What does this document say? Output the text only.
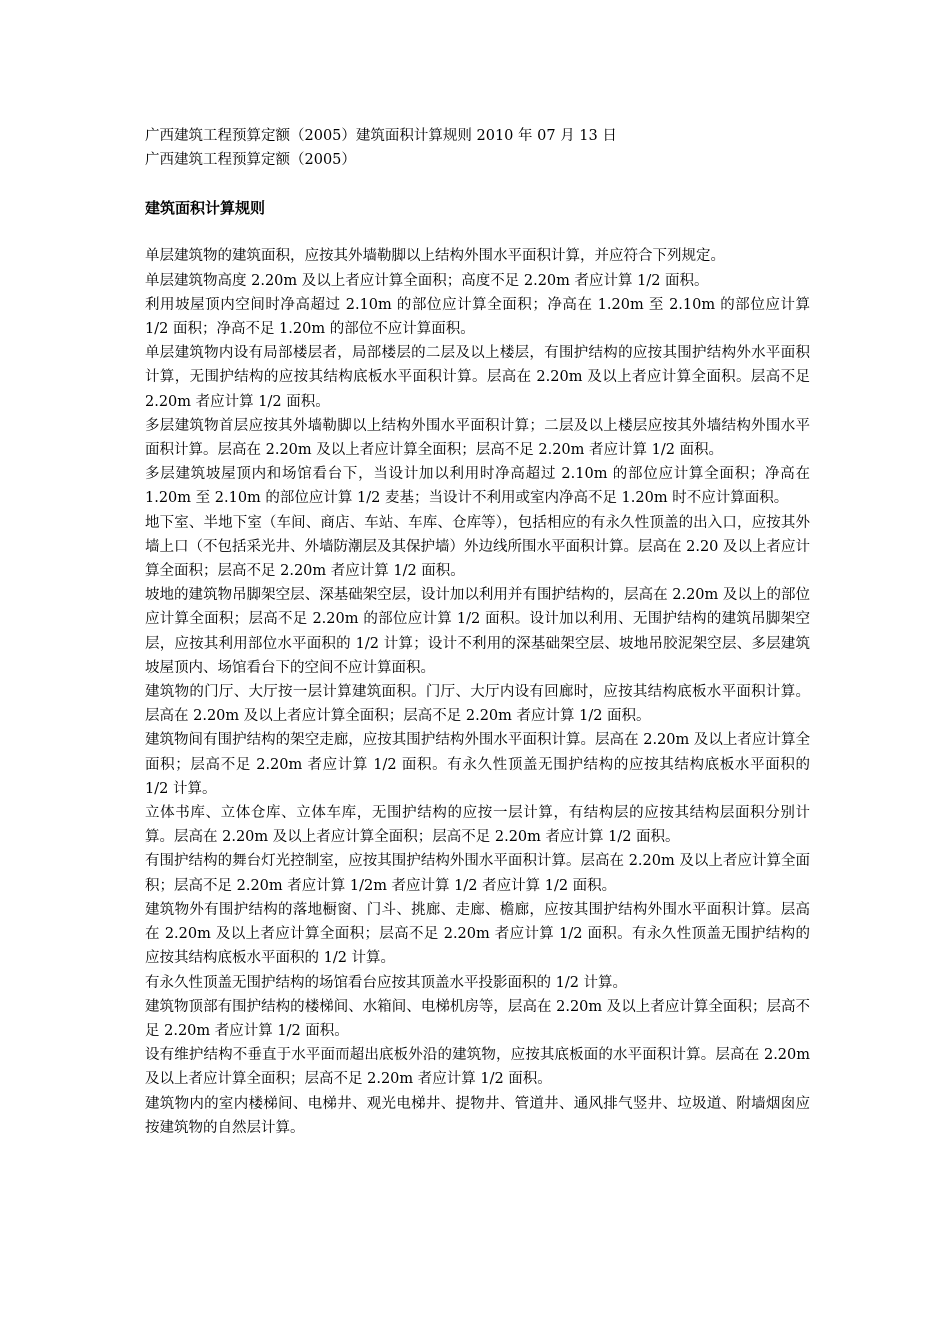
广西建筑工程预算定额（2005）建筑面积计算规则 2010 年 07 月 13 日

广西建筑工程预算定额（2005）

建筑面积计算规则

单层建筑物的建筑面积，应按其外墙勒脚以上结构外围水平面积计算，并应符合下列规定。

单层建筑物高度 2.20m 及以上者应计算全面积；高度不足 2.20m 者应计算 1/2 面积。

利用坡屋顶内空间时净高超过 2.10m 的部位应计算全面积；净高在 1.20m 至 2.10m 的部位应计算 1/2 面积；净高不足 1.20m 的部位不应计算面积。

单层建筑物内设有局部楼层者，局部楼层的二层及以上楼层，有围护结构的应按其围护结构外水平面积计算，无围护结构的应按其结构底板水平面积计算。层高在 2.20m 及以上者应计算全面积。层高不足 2.20m 者应计算 1/2 面积。

多层建筑物首层应按其外墙勒脚以上结构外围水平面积计算；二层及以上楼层应按其外墙结构外围水平面积计算。层高在 2.20m 及以上者应计算全面积；层高不足 2.20m 者应计算 1/2 面积。

多层建筑坡屋顶内和场馆看台下，当设计加以利用时净高超过 2.10m 的部位应计算全面积；净高在 1.20m 至 2.10m 的部位应计算 1/2 麦基；当设计不利用或室内净高不足 1.20m 时不应计算面积。

地下室、半地下室（车间、商店、车站、车库、仓库等），包括相应的有永久性顶盖的出入口，应按其外墙上口（不包括采光井、外墙防潮层及其保护墙）外边线所围水平面积计算。层高在 2.20 及以上者应计算全面积；层高不足 2.20m 者应计算 1/2 面积。

坡地的建筑物吊脚架空层、深基础架空层，设计加以利用并有围护结构的，层高在 2.20m 及以上的部位应计算全面积；层高不足 2.20m 的部位应计算 1/2 面积。设计加以利用、无围护结构的建筑吊脚架空层，应按其利用部位水平面积的 1/2 计算；设计不利用的深基础架空层、坡地吊胶泥架空层、多层建筑坡屋顶内、场馆看台下的空间不应计算面积。

建筑物的门厅、大厅按一层计算建筑面积。门厅、大厅内设有回廊时，应按其结构底板水平面积计算。层高在 2.20m 及以上者应计算全面积；层高不足 2.20m 者应计算 1/2 面积。

建筑物间有围护结构的架空走廊，应按其围护结构外围水平面积计算。层高在 2.20m 及以上者应计算全面积；层高不足 2.20m 者应计算 1/2 面积。有永久性顶盖无围护结构的应按其结构底板水平面积的 1/2 计算。

立体书库、立体仓库、立体车库，无围护结构的应按一层计算，有结构层的应按其结构层面积分别计算。层高在 2.20m 及以上者应计算全面积；层高不足 2.20m 者应计算 1/2 面积。

有围护结构的舞台灯光控制室，应按其围护结构外围水平面积计算。层高在 2.20m 及以上者应计算全面积；层高不足 2.20m 者应计算 1/2m 者应计算 1/2 者应计算 1/2 面积。

建筑物外有围护结构的落地橱窗、门斗、挑廊、走廊、檐廊，应按其围护结构外围水平面积计算。层高在 2.20m 及以上者应计算全面积；层高不足 2.20m 者应计算 1/2 面积。有永久性顶盖无围护结构的应按其结构底板水平面积的 1/2 计算。

有永久性顶盖无围护结构的场馆看台应按其顶盖水平投影面积的 1/2 计算。

建筑物顶部有围护结构的楼梯间、水箱间、电梯机房等，层高在 2.20m 及以上者应计算全面积；层高不足 2.20m 者应计算 1/2 面积。

设有维护结构不垂直于水平面而超出底板外沿的建筑物，应按其底板面的水平面积计算。层高在 2.20m 及以上者应计算全面积；层高不足 2.20m 者应计算 1/2 面积。

建筑物内的室内楼梯间、电梯井、观光电梯井、提物井、管道井、通风排气竖井、垃圾道、附墙烟囱应按建筑物的自然层计算。
